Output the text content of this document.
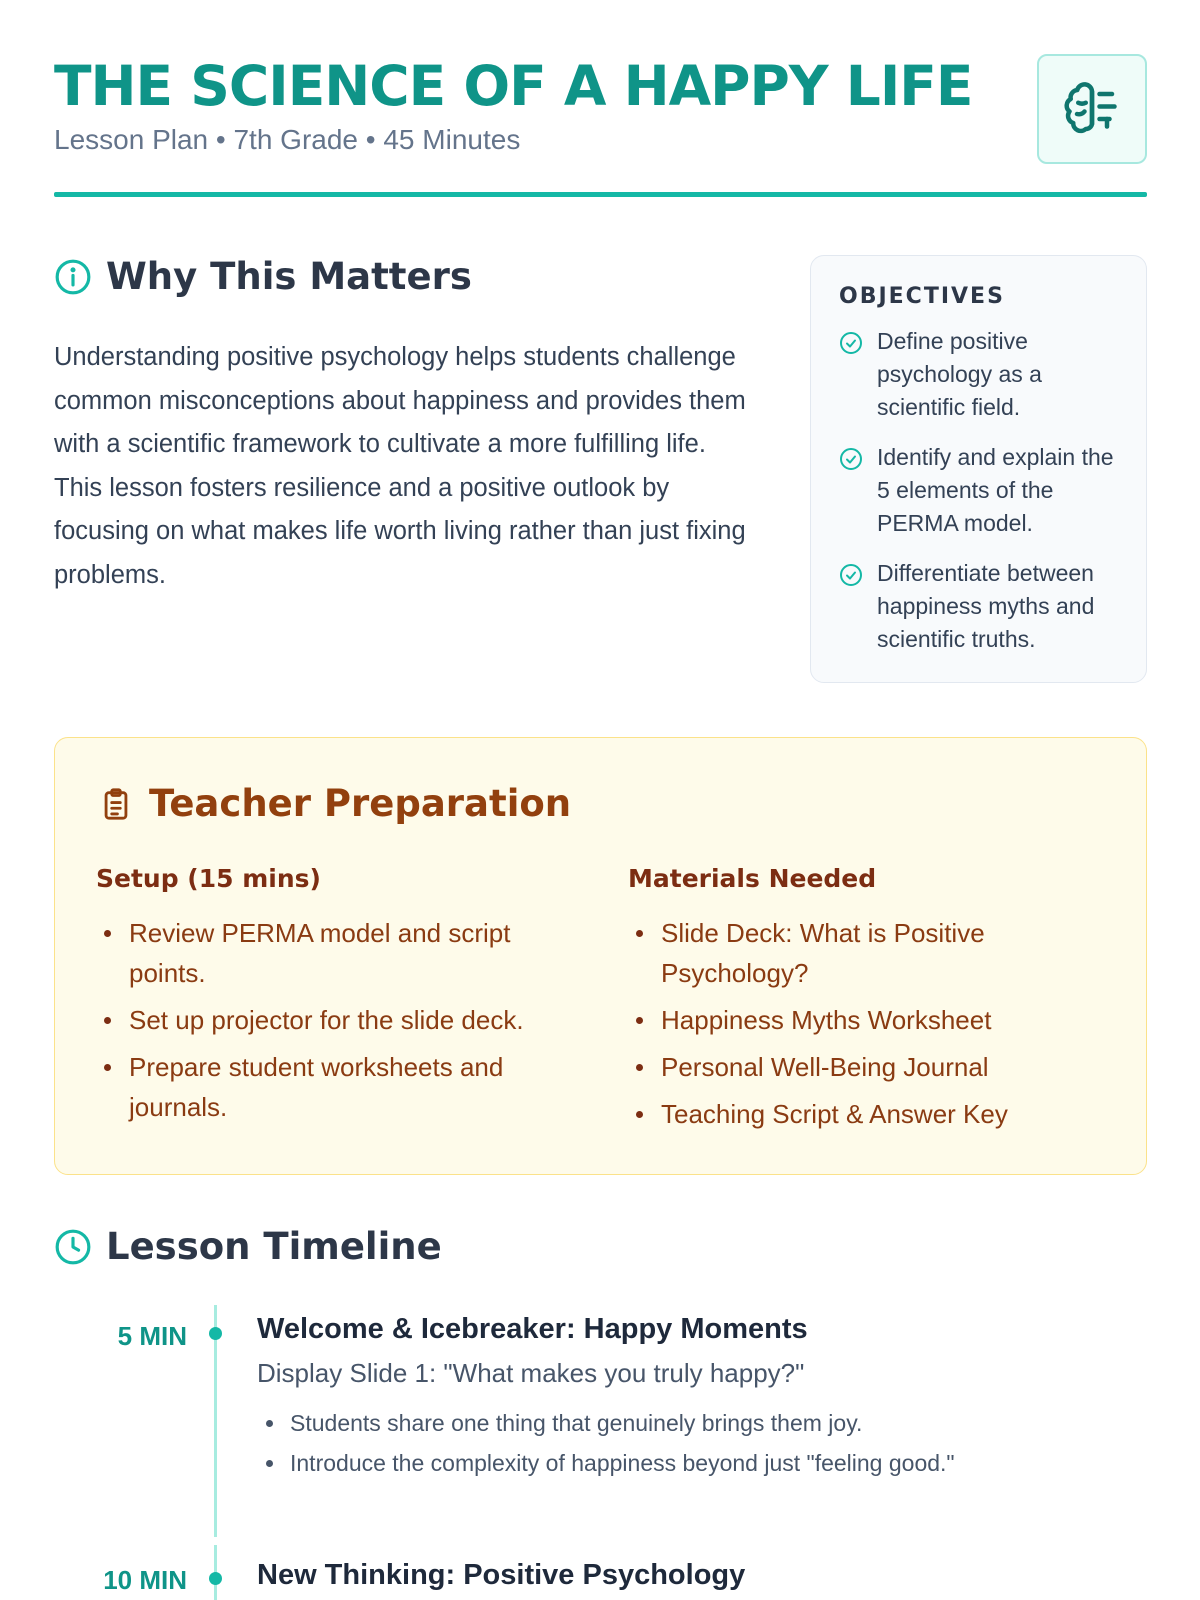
THE SCIENCE OF A HAPPY LIFE
Lesson Plan • 7th Grade • 45 Minutes
Why This Matters

Understanding positive psychology helps students challenge common misconceptions about happiness and provides them with a scientific framework to cultivate a more fulfilling life. This lesson fosters resilience and a positive outlook by focusing on what makes life worth living rather than just fixing problems.

OBJECTIVES
Define positive psychology as a scientific field.
Identify and explain the 5 elements of the PERMA model.
Differentiate between happiness myths and scientific truths.
Teacher Preparation
Setup (15 mins)
Review PERMA model and script points.
Set up projector for the slide deck.
Prepare student worksheets and journals.
Materials Needed
Slide Deck: What is Positive Psychology?
Happiness Myths Worksheet
Personal Well-Being Journal
Teaching Script & Answer Key
Lesson Timeline
5 MIN Welcome & Icebreaker: Happy Moments
Display Slide 1: "What makes you truly happy?"
Students share one thing that genuinely brings them joy.
Introduce the complexity of happiness beyond just "feeling good."
10 MIN New Thinking: Positive Psychology
